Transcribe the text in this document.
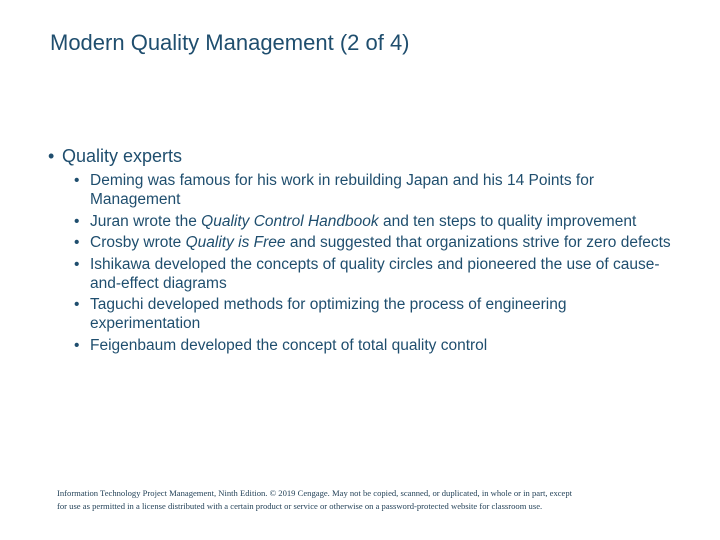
Modern Quality Management (2 of 4)
• Quality experts
• Deming was famous for his work in rebuilding Japan and his 14 Points for Management
• Juran wrote the Quality Control Handbook and ten steps to quality improvement
• Crosby wrote Quality is Free and suggested that organizations strive for zero defects
• Ishikawa developed the concepts of quality circles and pioneered the use of cause-and-effect diagrams
• Taguchi developed methods for optimizing the process of engineering experimentation
• Feigenbaum developed the concept of total quality control
Information Technology Project Management, Ninth Edition. © 2019 Cengage. May not be copied, scanned, or duplicated, in whole or in part, except
for use as permitted in a license distributed with a certain product or service or otherwise on a password-protected website for classroom use.
